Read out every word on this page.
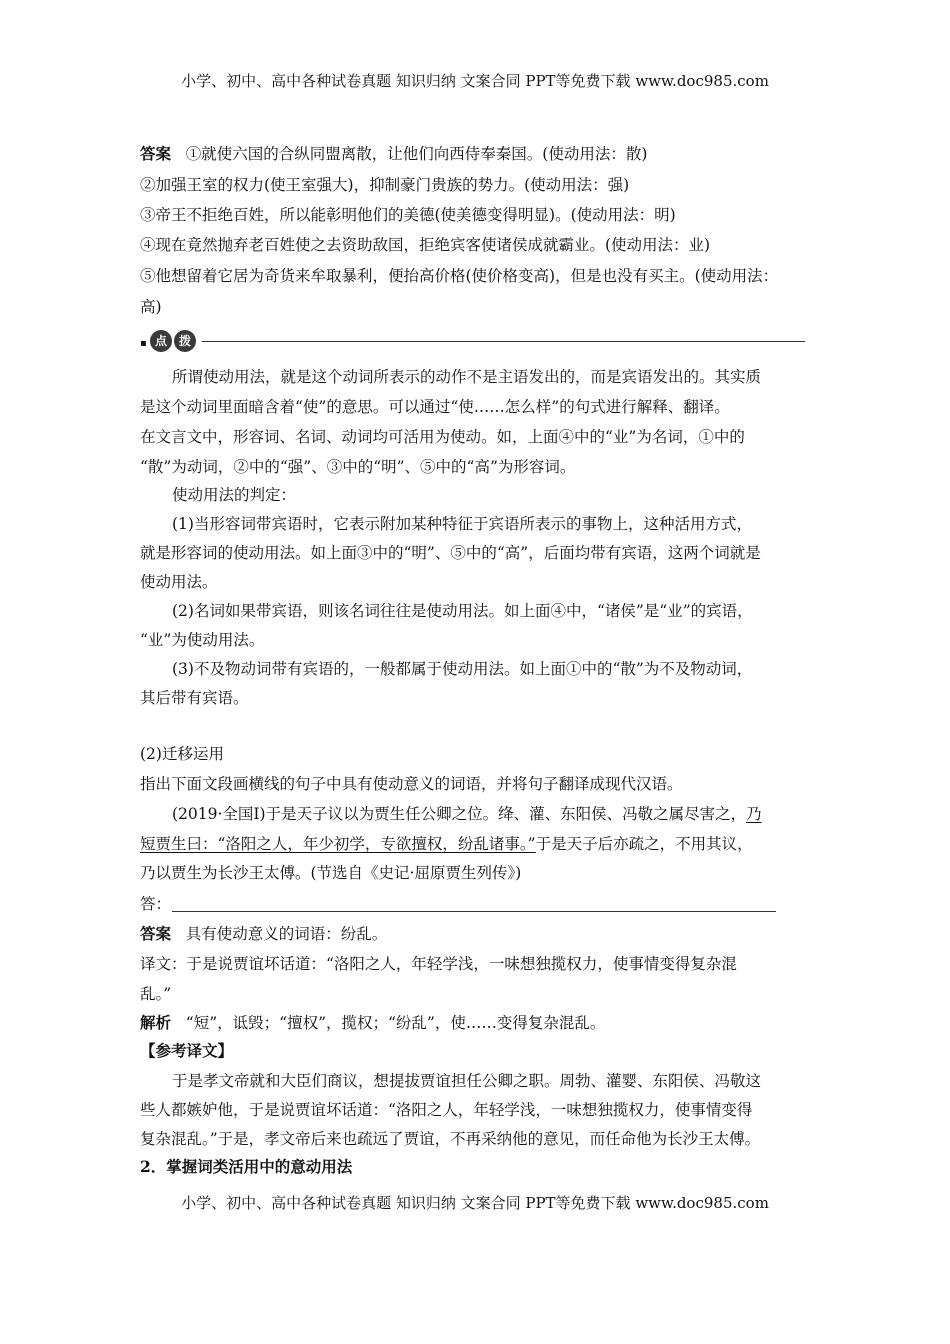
小学、初中、高中各种试卷真题 知识归纳 文案合同 PPT等免费下载 www.doc985.com
答案 ①就使六国的合纵同盟离散，让他们向西侍奉秦国。(使动用法：散)
②加强王室的权力(使王室强大)，抑制豪门贵族的势力。(使动用法：强)
③帝王不拒绝百姓，所以能彰明他们的美德(使美德变得明显)。(使动用法：明)
④现在竟然抛弃老百姓使之去资助敌国，拒绝宾客使诸侯成就霸业。(使动用法：业)
⑤他想留着它居为奇货来牟取暴利，便抬高价格(使价格变高)，但是也没有买主。(使动用法：
高)
▪ 点 拨
所谓使动用法，就是这个动词所表示的动作不是主语发出的，而是宾语发出的。其实质
是这个动词里面暗含着“使”的意思。可以通过“使……怎么样”的句式进行解释、翻译。
在文言文中，形容词、名词、动词均可活用为使动。如，上面④中的“业”为名词，①中的
“散”为动词，②中的“强”、③中的“明”、⑤中的“高”为形容词。
使动用法的判定：
(1)当形容词带宾语时，它表示附加某种特征于宾语所表示的事物上，这种活用方式，
就是形容词的使动用法。如上面③中的“明”、⑤中的“高”，后面均带有宾语，这两个词就是
使动用法。
(2)名词如果带宾语，则该名词往往是使动用法。如上面④中，“诸侯”是“业”的宾语，
“业”为使动用法。
(3)不及物动词带有宾语的，一般都属于使动用法。如上面①中的“散”为不及物动词，
其后带有宾语。
(2)迁移运用
指出下面文段画横线的句子中具有使动意义的词语，并将句子翻译成现代汉语。
(2019·全国Ⅰ)于是天子议以为贾生任公卿之位。绛、灌、东阳侯、冯敬之属尽害之，乃
短贾生曰：“洛阳之人，年少初学，专欲擅权，纷乱诸事。”于是天子后亦疏之，不用其议，
乃以贾生为长沙王太傅。(节选自《史记·屈原贾生列传》)
答：
答案 具有使动意义的词语：纷乱。
译文：于是说贾谊坏话道：“洛阳之人，年轻学浅，一味想独揽权力，使事情变得复杂混
乱。”
解析 “短”，诋毁；“擅权”，揽权；“纷乱”，使……变得复杂混乱。
【参考译文】
于是孝文帝就和大臣们商议，想提拔贾谊担任公卿之职。周勃、灌婴、东阳侯、冯敬这
些人都嫉妒他，于是说贾谊坏话道：“洛阳之人，年轻学浅，一味想独揽权力，使事情变得
复杂混乱。”于是，孝文帝后来也疏远了贾谊，不再采纳他的意见，而任命他为长沙王太傅。
2．掌握词类活用中的意动用法
小学、初中、高中各种试卷真题 知识归纳 文案合同 PPT等免费下载 www.doc985.com
